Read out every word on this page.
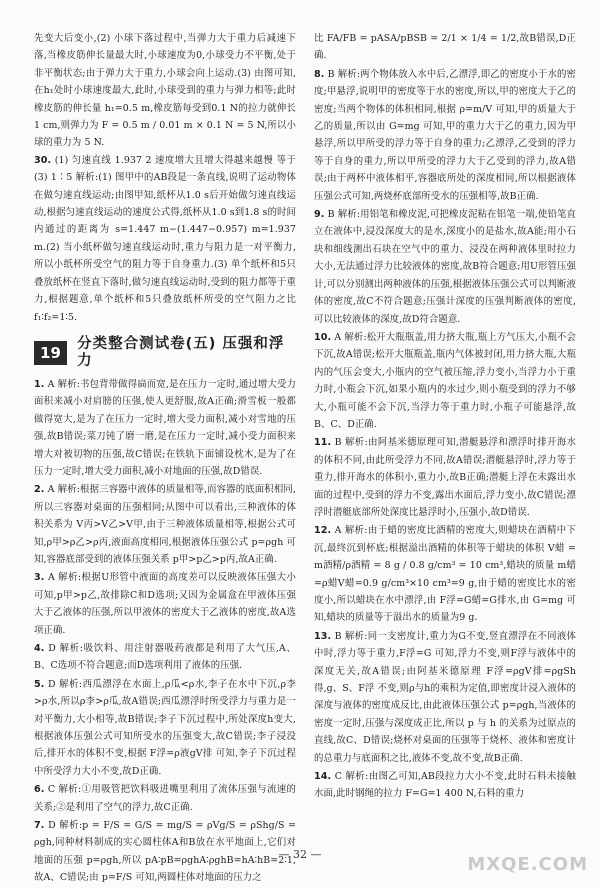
先变大后变小,(2) 小球下落过程中,当弹力大于重力后减速下落,当橡皮筋伸长量最大时,小球速度为0,小球受力不平衡,处于非平衡状态;由于弹力大于重力,小球会向上运动.(3) 由图可知,在h₁处时小球速度最大,此时,小球受到的重力与弹力相等;此时橡皮筋的伸长量 h₁=0.5 m,橡皮筋每受到0.1 N的拉力就伸长1 cm,则弹力为 F = 0.5 m / 0.01 m × 0.1 N = 5 N,所以小球的重力为 5 N.

30. (1) 匀速直线 1.937 2 速度增大且增大得越来越慢 等于 (3) 1∶5 解析:(1) 图甲中的AB段是一条直线,说明了运动物体在做匀速直线运动;由图甲知,纸杯从1.0 s后开始做匀速直线运动,根据匀速直线运动的速度公式得,纸杯从1.0 s到1.8 s的时间内通过的距离为 s=1.447 m−(1.447−0.957) m=1.937 m.(2) 当小纸杯做匀速直线运动时,重力与阻力是一对平衡力,所以小纸杯所受空气的阻力等于自身重力.(3) 单个纸杯和5只叠放纸杯在竖直下落时,做匀速直线运动时,受到的阻力都等于重力,根据题意,单个纸杯和5只叠放纸杯所受的空气阻力之比 f₁∶f₂=1∶5.

19
分类整合测试卷(五) 压强和浮力

1. A 解析:书包背带做得扁而宽,是在压力一定时,通过增大受力面积来减小对肩膀的压强,使人更舒服,故A正确;滑雪板一般都做得宽大,是为了在压力一定时,增大受力面积,减小对雪地的压强,故B错误;菜刀钝了磨一磨,是在压力一定时,减小受力面积来增大对被切物的压强,故C错误;在铁轨下面铺设枕木,是为了在压力一定时,增大受力面积,减小对地面的压强,故D错误.

2. A 解析:根据三容器中液体的质量相等,而容器的底面积相同,所以三容器对桌面的压强相同;从图中可以看出,三种液体的体积关系为 V丙>V乙>V甲,由于三种液体质量相等,根据公式可知,ρ甲>ρ乙>ρ丙,液面高度相同,根据液体压强公式 p=ρgh 可知,容器底部受到的液体压强关系 p甲>p乙>p丙,故A正确.

3. A 解析:根据U形管中液面的高度差可以反映液体压强大小可知,p甲>p乙,故排除C和D选项;又因为金属盒在甲液体压强大于乙液体的压强,所以甲液体的密度大于乙液体的密度,故A选项正确.

4. D 解析:吸饮料、用注射器吸药液都是利用了大气压,A、B、C选项不符合题意;而D选项利用了液体的压强.

5. D 解析:西瓜漂浮在水面上,ρ瓜<ρ水,李子在水中下沉,ρ李>ρ水,所以ρ李>ρ瓜,故A错误;西瓜漂浮时所受浮力与重力是一对平衡力,大小相等,故B错误;李子下沉过程中,所处深度h变大,根据液体压强公式可知所受水的压强变大,故C错误;李子浸没后,排开水的体积不变,根据 F浮=ρ液gV排 可知,李子下沉过程中所受浮力大小不变,故D正确.

6. C 解析:①用吸管把饮料吸进嘴里利用了流体压强与流速的关系;②是利用了空气的浮力,故C正确.

7. D 解析:p = F/S = G/S = mg/S = ρVg/S = ρShg/S = ρgh,同种材料制成的实心圆柱体A和B放在水平地面上,它们对地面的压强 p=ρgh,所以 pA∶pB=ρghA∶ρghB=hA∶hB=2∶1,故A、C错误;由 p=F/S 可知,两圆柱体对地面的压力之

比 FA/FB = pASA/pBSB = 2/1 × 1/4 = 1/2,故B错误,D正确.

8. B 解析:两个物体放入水中后,乙漂浮,即乙的密度小于水的密度;甲悬浮,说明甲的密度等于水的密度,所以,甲的密度大于乙的密度;当两个物体的体积相同,根据 ρ=m/V 可知,甲的质量大于乙的质量,所以由 G=mg 可知,甲的重力大于乙的重力,因为甲悬浮,所以甲所受的浮力等于自身的重力;乙漂浮,乙受到的浮力等于自身的重力,所以甲所受的浮力大于乙受到的浮力,故A错误;由于两杯中液体相平,容器底所处的深度相同,所以根据液体压强公式可知,两烧杯底部所受水的压强相等,故B正确.

9. B 解析:用铝笔和橡皮泥,可把橡皮泥粘在铝笔一端,使铅笔直立在液体中,浸没深度大的是水,深度小的是盐水,故A能;用小石块和细线测出石块在空气中的重力、浸没在两种液体里时拉力大小,无法通过浮力比较液体的密度,故B符合题意;用U形管压强计,可以分别测出两种液体的压强,根据液体压强公式可以判断液体的密度,故C不符合题意;压强计深度的压强判断液体的密度,可以比较液体的深度,故D符合题意.

10. A 解析:松开大瓶瓶盖,用力挤大瓶,瓶上方气压大,小瓶不会下沉,故A错误;松开大瓶瓶盖,瓶内气体被封闭,用力挤大瓶,大瓶内的气压会变大,小瓶内的空气被压缩,浮力变小,当浮力小于重力时,小瓶会下沉,如果小瓶内的水过少,则小瓶受到的浮力不够大,小瓶可能不会下沉,当浮力等于重力时,小瓶子可能悬浮,故B、C、D正确.

11. B 解析:由阿基米德原理可知,潜艇悬浮和漂浮时排开海水的体积不同,由此所受浮力不同,故A错误;潜艇悬浮时,浮力等于重力,排开海水的体积小,重力小,故B正确;潜艇上浮在未露出水面的过程中,受到的浮力不变,露出水面后,浮力变小,故C错误;漂浮时潜艇底部所处深度比悬浮时小,压强小,故D错误.

12. A 解析:由于蜡的密度比酒精的密度大,则蜡块在酒精中下沉,最终沉到杯底;根据溢出酒精的体积等于蜡块的体积 V蜡 = m酒精/ρ酒精 = 8 g / 0.8 g/cm³ = 10 cm³,蜡块的质量 m蜡=ρ蜡V蜡=0.9 g/cm³×10 cm³=9 g,由于蜡的密度比水的密度小,所以蜡块在水中漂浮,由 F浮=G蜡=G排水,由 G=mg 可知,蜡块的质量等于溢出水的质量为9 g.

13. B 解析:同一支密度计,重力为G不变,竖直漂浮在不同液体中时,浮力等于重力,F浮=G 可知,浮力不变,则F浮与液体中的深度无关,故A错误;由阿基米德原理 F浮=ρgV排=ρgSh 得,g、S、F浮 不变,则ρ与h的乘积为定值,即密度计浸入液体的深度与液体的密度成反比,由此液体压强公式 p=ρgh,当液体的密度一定时,压强与深度成正比,所以 p 与 h 的关系为过原点的直线,故C、D错误;烧杯对桌面的压强等于烧杯、液体和密度计的总重力与底面积之比,液体不变,故不变,故B正确.

14. C 解析:由图乙可知,AB段拉力大小不变,此时石料未接触水面,此时钢绳的拉力 F=G=1 400 N,石料的重力

— 32 —	MXQE.COM
